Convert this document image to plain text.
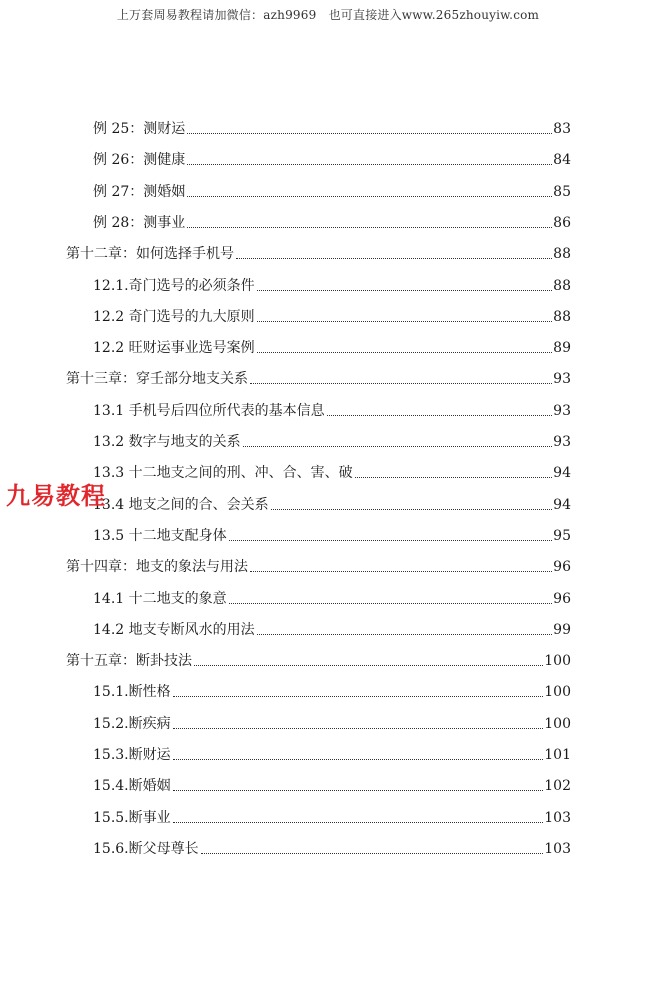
上万套周易教程请加微信：azh9969　也可直接进入www.265zhouyiw.com
例 25：测财运	83
例 26：测健康	84
例 27：测婚姻	85
例 28：测事业	86
第十二章：如何选择手机号	88
12.1.奇门选号的必须条件	88
12.2 奇门选号的九大原则	88
12.2 旺财运事业选号案例	89
第十三章：穿壬部分地支关系	93
13.1 手机号后四位所代表的基本信息	93
13.2 数字与地支的关系	93
13.3 十二地支之间的刑、冲、合、害、破	94
13.4 地支之间的合、会关系	94
13.5 十二地支配身体	95
第十四章：地支的象法与用法	96
14.1 十二地支的象意	96
14.2 地支专断风水的用法	99
第十五章：断卦技法	100
15.1.断性格	100
15.2.断疾病	100
15.3.断财运	101
15.4.断婚姻	102
15.5.断事业	103
15.6.断父母尊长	103
九易教程
